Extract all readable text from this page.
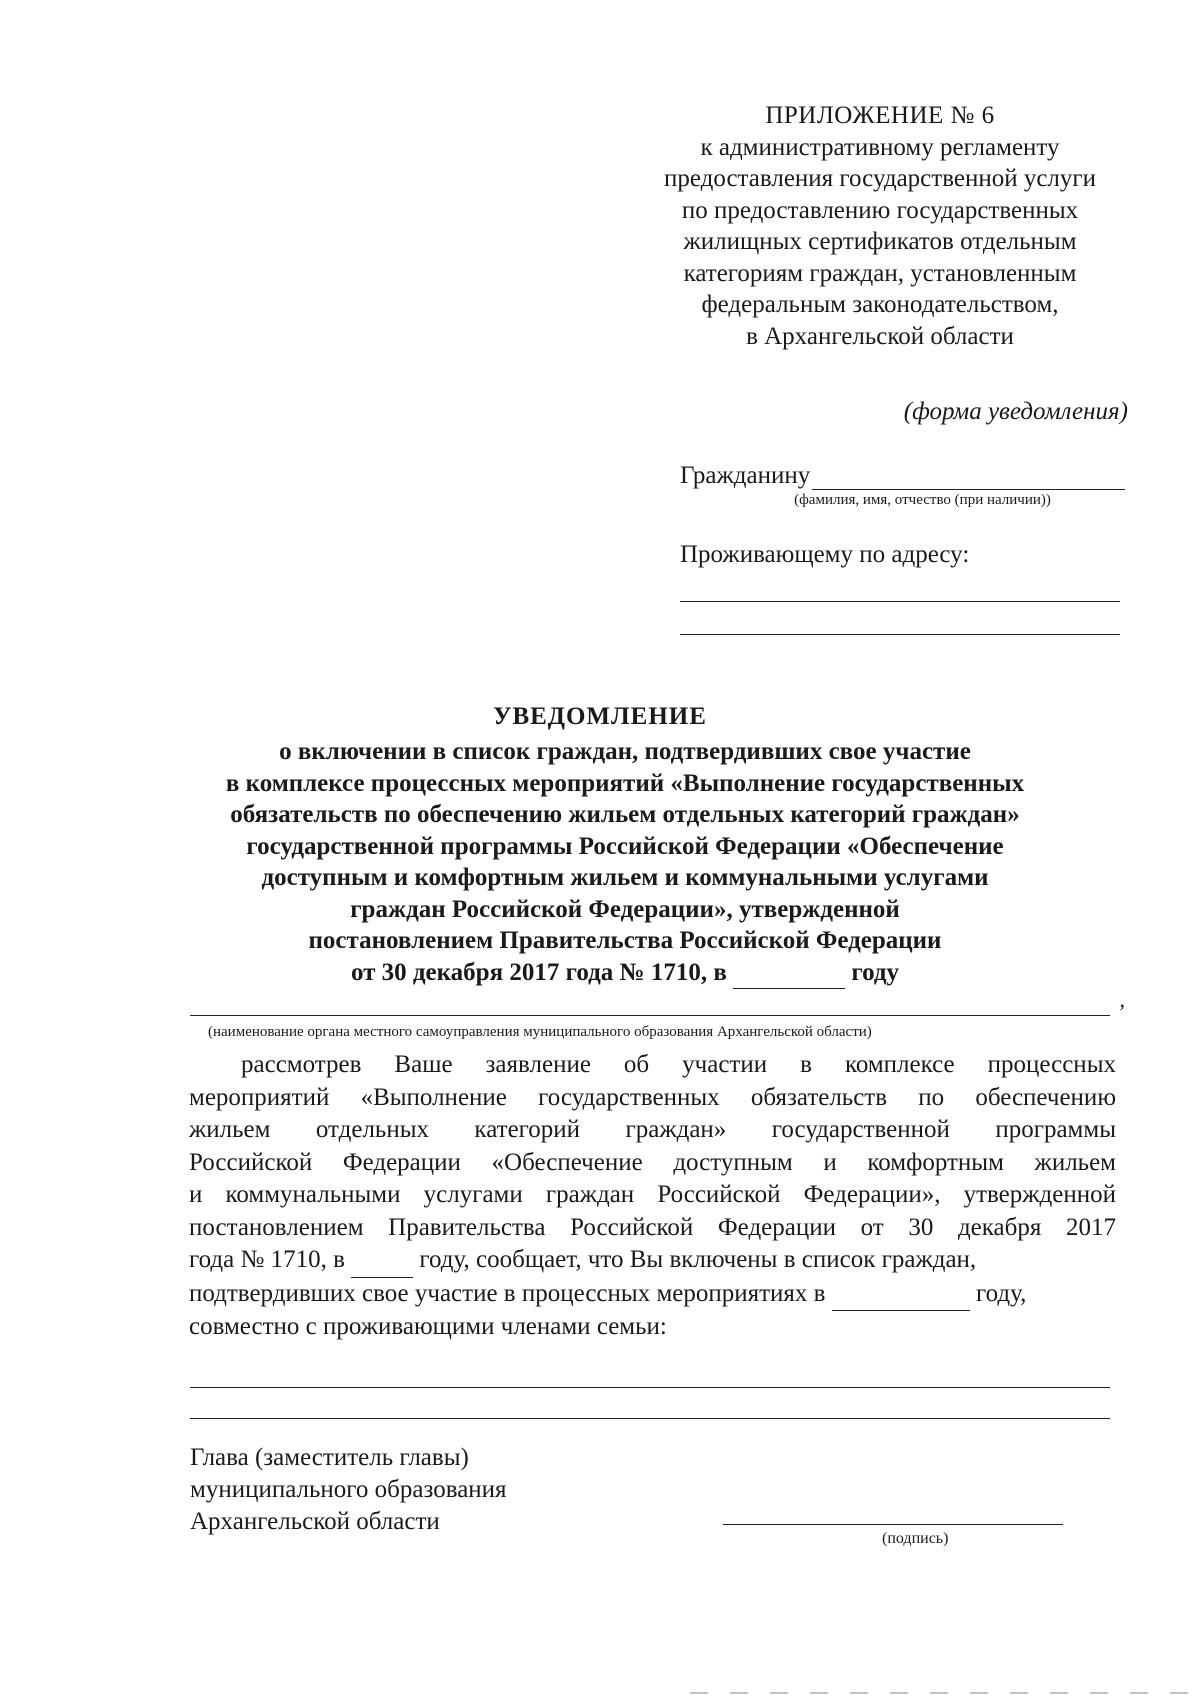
ПРИЛОЖЕНИЕ № 6
к административному регламенту
предоставления государственной услуги
по предоставлению государственных
жилищных сертификатов отдельным
категориям граждан, установленным
федеральным законодательством,
в Архангельской области
(форма уведомления)
Гражданину
(фамилия, имя, отчество (при наличии))
Проживающему по адресу:
УВЕДОМЛЕНИЕ
о включении в список граждан, подтвердивших свое участие
в комплексе процессных мероприятий «Выполнение государственных
обязательств по обеспечению жильем отдельных категорий граждан»
государственной программы Российской Федерации «Обеспечение
доступным и комфортным жильем и коммунальными услугами
граждан Российской Федерации», утвержденной
постановлением Правительства Российской Федерации
от 30 декабря 2017 года № 1710, в	году
,
(наименование органа местного самоуправления муниципального образования Архангельской области)
рассмотрев Ваше заявление об участии в комплексе процессных
мероприятий «Выполнение государственных обязательств по обеспечению
жильем отдельных категорий граждан» государственной программы
Российской Федерации «Обеспечение доступным и комфортным жильем
и коммунальными услугами граждан Российской Федерации», утвержденной
постановлением Правительства Российской Федерации от 30 декабря 2017
года № 1710, в	году, сообщает, что Вы включены в список граждан,
подтвердивших свое участие в процессных мероприятиях в	году,
совместно с проживающими членами семьи:
Глава (заместитель главы)
муниципального образования
Архангельской области
(подпись)
